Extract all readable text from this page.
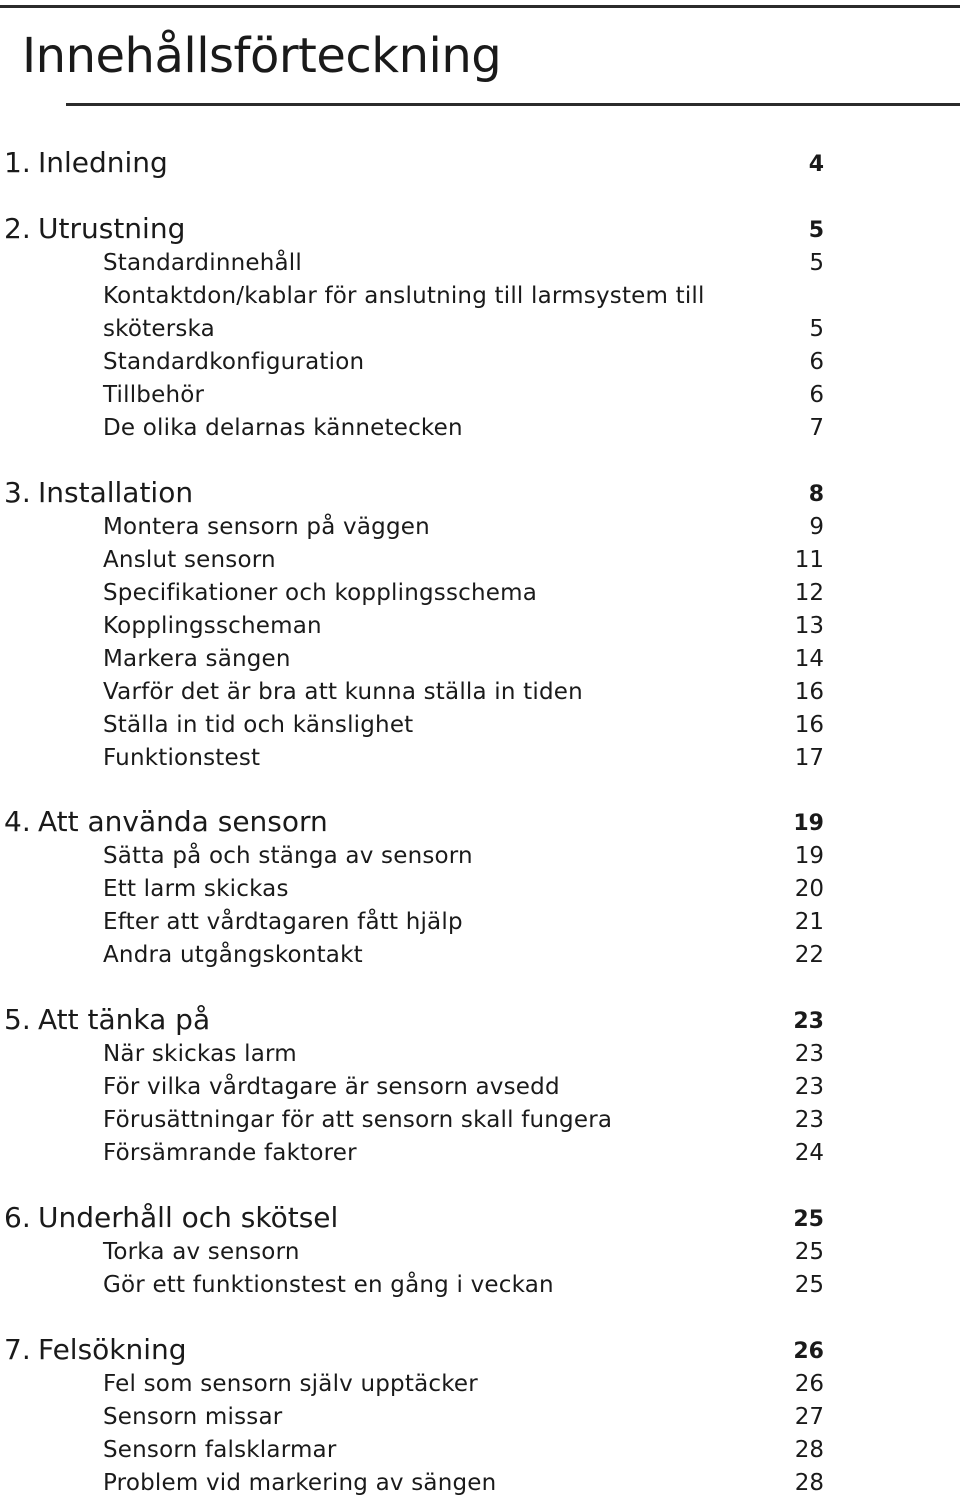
Innehållsförteckning
1. Inledning	4
2. Utrustning	5
Standardinnehåll	5
Kontaktdon/kablar för anslutning till larmsystem till
sköterska	5
Standardkonfiguration	6
Tillbehör	6
De olika delarnas kännetecken	7
3. Installation	8
Montera sensorn på väggen	9
Anslut sensorn	11
Specifikationer och kopplingsschema	12
Kopplingsscheman	13
Markera sängen	14
Varför det är bra att kunna ställa in tiden	16
Ställa in tid och känslighet	16
Funktionstest	17
4. Att använda sensorn	19
Sätta på och stänga av sensorn	19
Ett larm skickas	20
Efter att vårdtagaren fått hjälp	21
Andra utgångskontakt	22
5. Att tänka på	23
När skickas larm	23
För vilka vårdtagare är sensorn avsedd	23
Förusättningar för att sensorn skall fungera	23
Försämrande faktorer	24
6. Underhåll och skötsel	25
Torka av sensorn	25
Gör ett funktionstest en gång i veckan	25
7. Felsökning	26
Fel som sensorn själv upptäcker	26
Sensorn missar	27
Sensorn falsklarmar	28
Problem vid markering av sängen	28
